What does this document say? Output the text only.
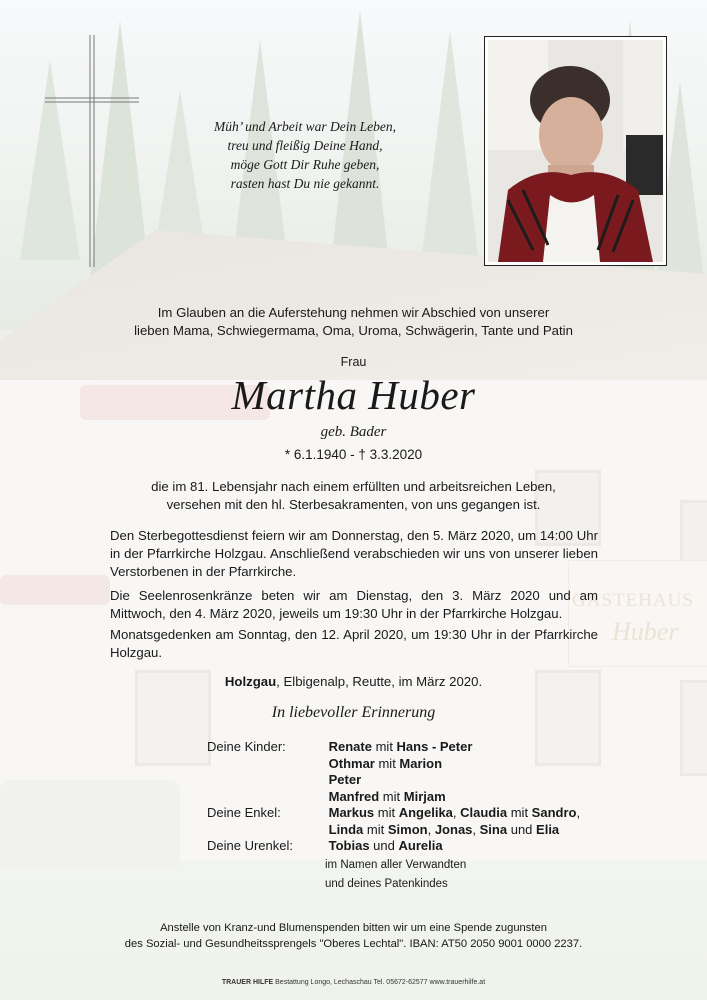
Müh’ und Arbeit war Dein Leben,
treu und fleißig Deine Hand,
möge Gott Dir Ruhe geben,
rasten hast Du nie gekannt.
Im Glauben an die Auferstehung nehmen wir Abschied von unserer
lieben Mama, Schwiegermama, Oma, Uroma, Schwägerin, Tante und Patin
Frau
Martha Huber
geb. Bader
* 6.1.1940 - † 3.3.2020
die im 81. Lebensjahr nach einem erfüllten und arbeitsreichen Leben,
versehen mit den hl. Sterbesakramenten, von uns gegangen ist.
Den Sterbegottesdienst feiern wir am Donnerstag, den 5. März 2020, um 14:00 Uhr in der Pfarrkirche Holzgau. Anschließend verabschieden wir uns von unserer lieben Verstorbenen in der Pfarrkirche.
Die Seelenrosenkränze beten wir am Dienstag, den 3. März 2020 und am Mittwoch, den 4. März 2020, jeweils um 19:30 Uhr in der Pfarrkirche Holzgau.
Monatsgedenken am Sonntag, den 12. April 2020, um 19:30 Uhr in der Pfarrkirche Holzgau.
Holzgau, Elbigenalp, Reutte, im März 2020.
In liebevoller Erinnerung
Deine Kinder:	Renate mit Hans - Peter
Othmar mit Marion
Peter
Manfred mit Mirjam
Deine Enkel:	Markus mit Angelika, Claudia mit Sandro,
Linda mit Simon, Jonas, Sina und Elia
Deine Urenkel:	Tobias und Aurelia
im Namen aller Verwandten
und deines Patenkindes
Anstelle von Kranz-und Blumenspenden bitten wir um eine Spende zugunsten
des Sozial- und Gesundheitssprengels "Oberes Lechtal". IBAN: AT50 2050 9001 0000 2237.
TRAUER HILFE Bestattung Longo, Lechaschau Tel. 05672-62577 www.trauerhilfe.at
